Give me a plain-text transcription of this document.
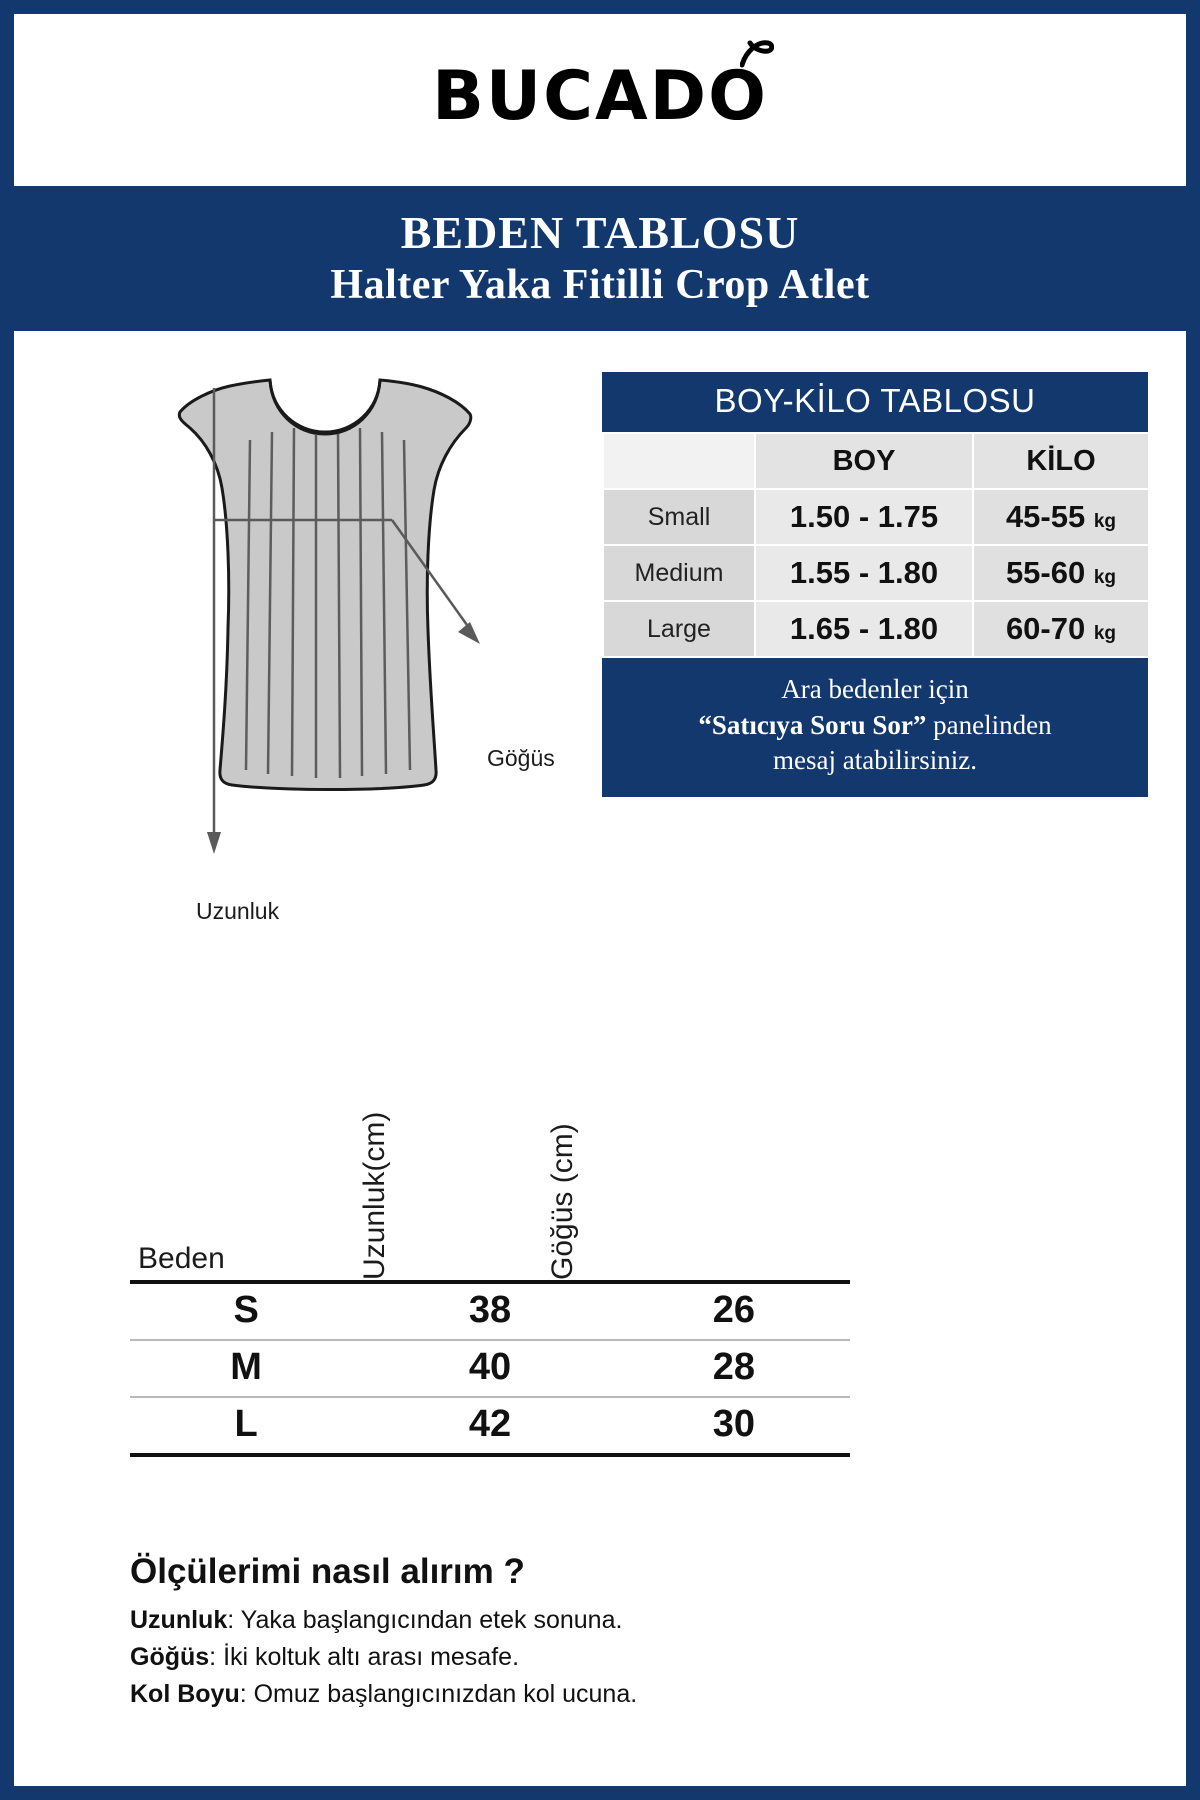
BUCADO
BEDEN TABLOSU
Halter Yaka Fitilli Crop Atlet
Göğüs
Uzunluk
BOY-KİLO TABLOSU
	BOY	KİLO
Small	1.50 - 1.75	45-55 kg
Medium	1.55 - 1.80	55-60 kg
Large	1.65 - 1.80	60-70 kg
Ara bedenler için
“Satıcıya Soru Sor” panelinden
mesaj atabilirsiniz.
Beden	Uzunluk(cm)	Göğüs (cm)
S	38	26
M	40	28
L	42	30
Ölçülerimi nasıl alırım ?

Uzunluk: Yaka başlangıcından etek sonuna.

Göğüs: İki koltuk altı arası mesafe.

Kol Boyu: Omuz başlangıcınızdan kol ucuna.
